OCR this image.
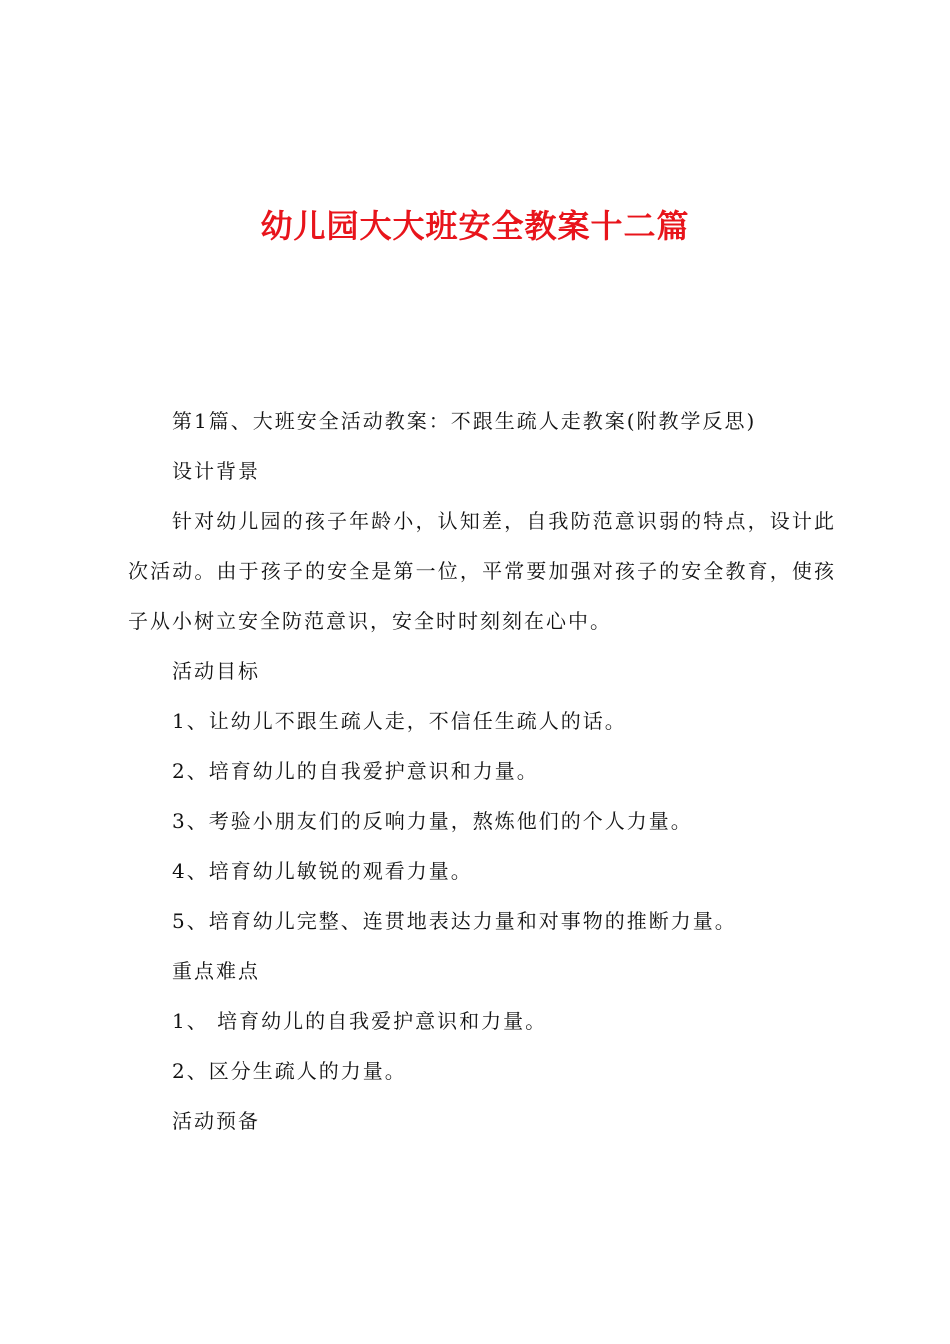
幼儿园大大班安全教案十二篇

第1篇、大班安全活动教案：不跟生疏人走教案(附教学反思)

设计背景

针对幼儿园的孩子年龄小，认知差，自我防范意识弱的特点，设计此次活动。由于孩子的安全是第一位，平常要加强对孩子的安全教育，使孩子从小树立安全防范意识，安全时时刻刻在心中。

活动目标

1、让幼儿不跟生疏人走，不信任生疏人的话。

2、培育幼儿的自我爱护意识和力量。

3、考验小朋友们的反响力量，熬炼他们的个人力量。

4、培育幼儿敏锐的观看力量。

5、培育幼儿完整、连贯地表达力量和对事物的推断力量。

重点难点

1、 培育幼儿的自我爱护意识和力量。

2、区分生疏人的力量。

活动预备
